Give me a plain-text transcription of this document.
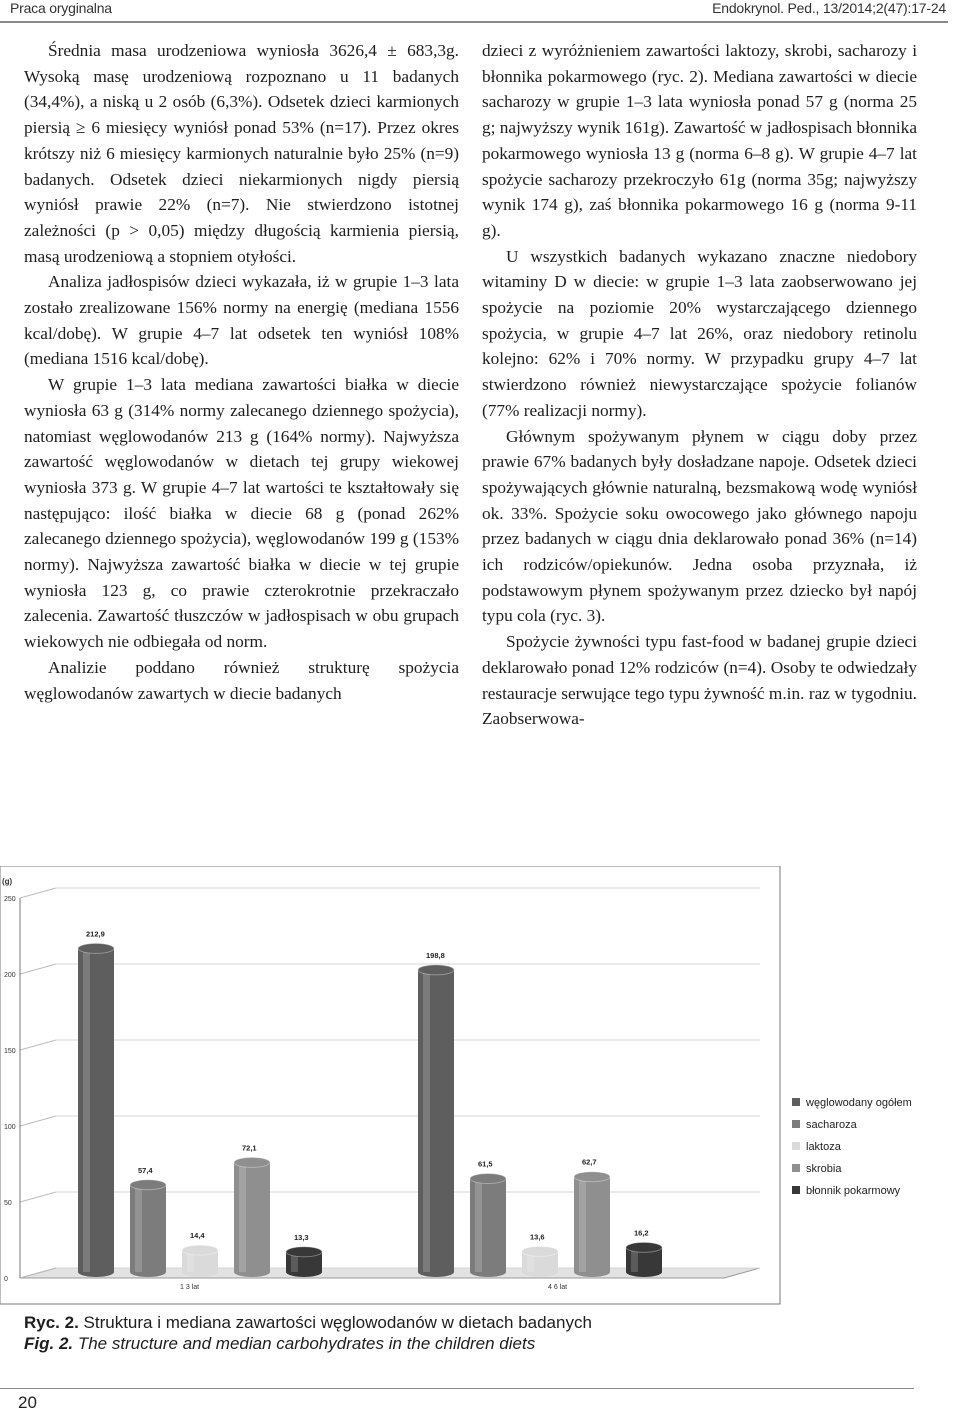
Praca oryginalna	Endokrynol. Ped., 13/2014;2(47):17-24

Średnia masa urodzeniowa wyniosła 3626,4 ± 683,3g. Wysoką masę urodzeniową rozpoznano u 11 badanych (34,4%), a niską u 2 osób (6,3%). Odsetek dzieci karmionych piersią ≥ 6 miesięcy wyniósł ponad 53% (n=17). Przez okres krótszy niż 6 miesięcy karmionych naturalnie było 25% (n=9) badanych. Odsetek dzieci niekarmionych nigdy piersią wyniósł prawie 22% (n=7). Nie stwierdzono istotnej zależności (p > 0,05) między długością karmienia piersią, masą urodzeniową a stopniem otyłości.

Analiza jadłospisów dzieci wykazała, iż w grupie 1–3 lata zostało zrealizowane 156% normy na energię (mediana 1556 kcal/dobę). W grupie 4–7 lat odsetek ten wyniósł 108% (mediana 1516 kcal/dobę).

W grupie 1–3 lata mediana zawartości białka w diecie wyniosła 63 g (314% normy zalecanego dziennego spożycia), natomiast węglowodanów 213 g (164% normy). Najwyższa zawartość węglowodanów w dietach tej grupy wiekowej wyniosła 373 g. W grupie 4–7 lat wartości te kształtowały się następująco: ilość białka w diecie 68 g (ponad 262% zalecanego dziennego spożycia), węglowodanów 199 g (153% normy). Najwyższa zawartość białka w diecie w tej grupie wyniosła 123 g, co prawie czterokrotnie przekraczało zalecenia. Zawartość tłuszczów w jadłospisach w obu grupach wiekowych nie odbiegała od norm.

Analizie poddano również strukturę spożycia węglowodanów zawartych w diecie badanych

dzieci z wyróżnieniem zawartości laktozy, skrobi, sacharozy i błonnika pokarmowego (ryc. 2). Mediana zawartości w diecie sacharozy w grupie 1–3 lata wyniosła ponad 57 g (norma 25 g; najwyższy wynik 161g). Zawartość w jadłospisach błonnika pokarmowego wyniosła 13 g (norma 6–8 g). W grupie 4–7 lat spożycie sacharozy przekroczyło 61g (norma 35g; najwyższy wynik 174 g), zaś błonnika pokarmowego 16 g (norma 9-11 g).

U wszystkich badanych wykazano znaczne niedobory witaminy D w diecie: w grupie 1–3 lata zaobserwowano jej spożycie na poziomie 20% wystarczającego dziennego spożycia, w grupie 4–7 lat 26%, oraz niedobory retinolu kolejno: 62% i 70% normy. W przypadku grupy 4–7 lat stwierdzono również niewystarczające spożycie folianów (77% realizacji normy).

Głównym spożywanym płynem w ciągu doby przez prawie 67% badanych były dosładzane napoje. Odsetek dzieci spożywających głównie naturalną, bezsmakową wodę wyniósł ok. 33%. Spożycie soku owocowego jako głównego napoju przez badanych w ciągu dnia deklarowało ponad 36% (n=14) ich rodziców/opiekunów. Jedna osoba przyznała, iż podstawowym płynem spożywanym przez dziecko był napój typu cola (ryc. 3).

Spożycie żywności typu fast-food w badanej grupie dzieci deklarowało ponad 12% rodziców (n=4). Osoby te odwiedzały restauracje serwujące tego typu żywność m.in. raz w tygodniu. Zaobserwowa-

0
50
100
150
200
250
(g)
212,9
57,4
14,4
72,1
13,3
1 3 lat
198,8
61,5
13,6
62,7
16,2
4 6 lat
węglowodany ogółem
sacharoza
laktoza
skrobia
błonnik pokarmowy
Ryc. 2. Struktura i mediana zawartości węglowodanów w dietach badanych
Fig. 2. The structure and median carbohydrates in the children diets
20
